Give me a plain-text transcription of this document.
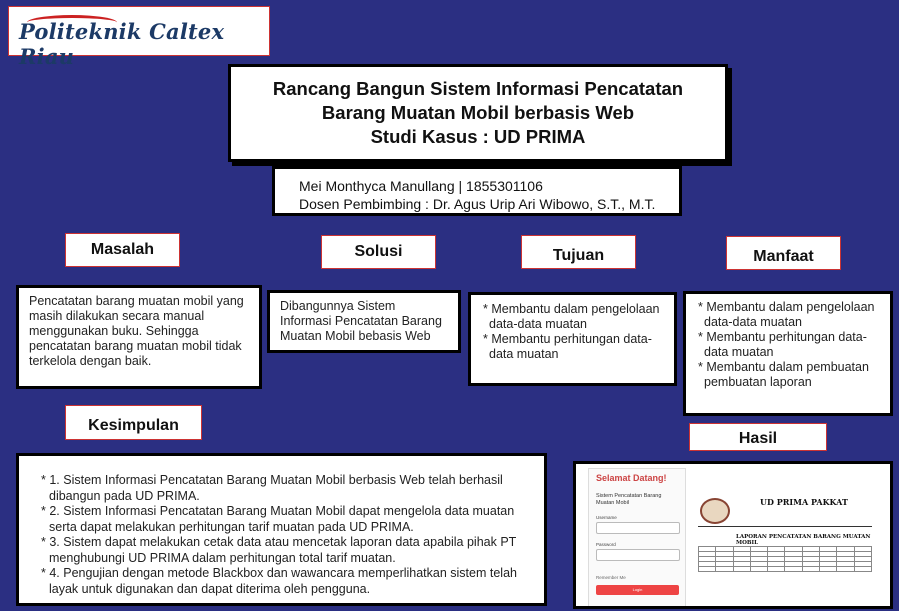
Politeknik Caltex Riau
Rancang Bangun Sistem Informasi Pencatatan
Barang Muatan Mobil berbasis Web
Studi Kasus : UD PRIMA
Mei Monthyca Manullang | 1855301106
Dosen Pembimbing : Dr. Agus Urip Ari Wibowo, S.T., M.T.
Masalah	Solusi	Tujuan	Manfaat
Kesimpulan
Hasil
Pencatatan barang muatan mobil yang masih dilakukan secara manual menggunakan buku. Sehingga pencatatan barang muatan mobil tidak terkelola dengan baik.
Dibangunnya Sistem Informasi Pencatatan Barang Muatan Mobil bebasis Web
* Membantu dalam pengelolaan data-data muatan
* Membantu perhitungan data-data muatan
* Membantu dalam pengelolaan data-data muatan
* Membantu perhitungan data-data muatan
* Membantu dalam pembuatan pembuatan laporan
* 1. Sistem Informasi Pencatatan Barang Muatan Mobil berbasis Web telah berhasil dibangun pada UD PRIMA.
* 2. Sistem Informasi Pencatatan Barang Muatan Mobil dapat mengelola data muatan serta dapat melakukan perhitungan tarif muatan pada UD PRIMA.
* 3. Sistem dapat melakukan cetak data atau mencetak laporan data apabila pihak PT menghubungi UD PRIMA dalam perhitungan total tarif muatan.
* 4. Pengujian dengan metode Blackbox dan wawancara memperlihatkan sistem telah layak untuk digunakan dan dapat diterima oleh pengguna.
Selamat Datang!
Sistem Pencatatan Barang Muatan Mobil
Username
Password
Remember Me
Login
UD PRIMA PAKKAT
LAPORAN PENCATATAN BARANG MUATAN MOBIL
